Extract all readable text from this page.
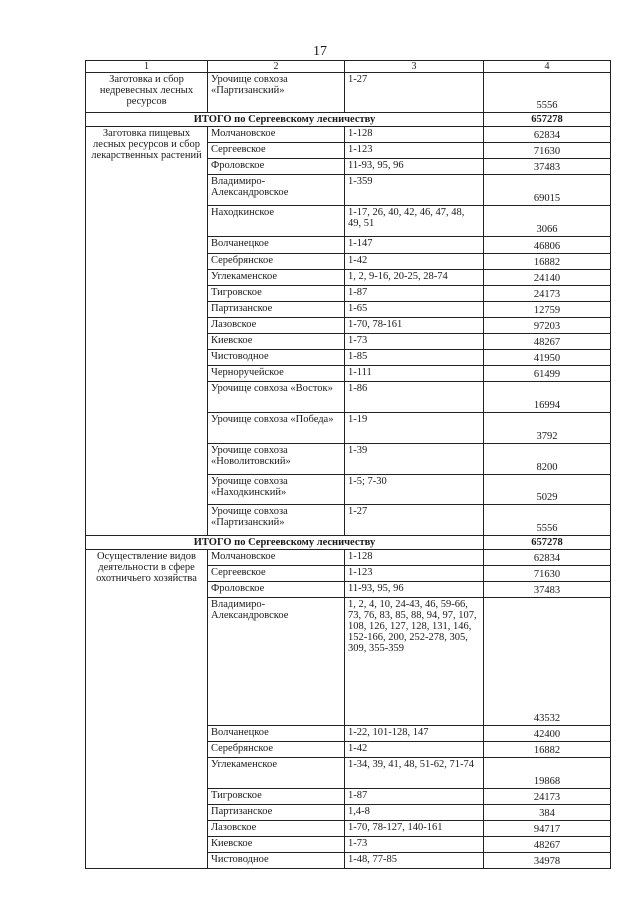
17
1	2	3	4
Заготовка и сбор недревесных лесных ресурсов	Урочище совхоза «Партизанский»	1-27	5556
ИТОГО по Сергеевскому лесничеству			657278
Заготовка пищевых лесных ресурсов и сбор лекарственных растений	Молчановское	1-128	62834
	Сергеевское	1-123	71630
	Фроловское	11-93, 95, 96	37483
	Владимиро-Александровское	1-359	69015
	Находкинское	1-17, 26, 40, 42, 46, 47, 48, 49, 51	3066
	Волчанецкое	1-147	46806
	Серебрянское	1-42	16882
	Углекаменское	1, 2, 9-16, 20-25, 28-74	24140
	Тигровское	1-87	24173
	Партизанское	1-65	12759
	Лазовское	1-70, 78-161	97203
	Киевское	1-73	48267
	Чистоводное	1-85	41950
	Черноручейское	1-111	61499
	Урочище совхоза «Восток»	1-86	16994
	Урочище совхоза «Победа»	1-19	3792
	Урочище совхоза «Новолитовский»	1-39	8200
	Урочище совхоза «Находкинский»	1-5; 7-30	5029
	Урочище совхоза «Партизанский»	1-27	5556
ИТОГО по Сергеевскому лесничеству			657278
Осуществление видов деятельности в сфере охотничьего хозяйства	Молчановское	1-128	62834
	Сергеевское	1-123	71630
	Фроловское	11-93, 95, 96	37483
	Владимиро-Александровское	1, 2, 4, 10, 24-43, 46, 59-66, 73, 76, 83, 85, 88, 94, 97, 107, 108, 126, 127, 128, 131, 146, 152-166, 200, 252-278, 305, 309, 355-359	43532
	Волчанецкое	1-22, 101-128, 147	42400
	Серебрянское	1-42	16882
	Углекаменское	1-34, 39, 41, 48, 51-62, 71-74	19868
	Тигровское	1-87	24173
	Партизанское	1,4-8	384
	Лазовское	1-70, 78-127, 140-161	94717
	Киевское	1-73	48267
	Чистоводное	1-48, 77-85	34978
